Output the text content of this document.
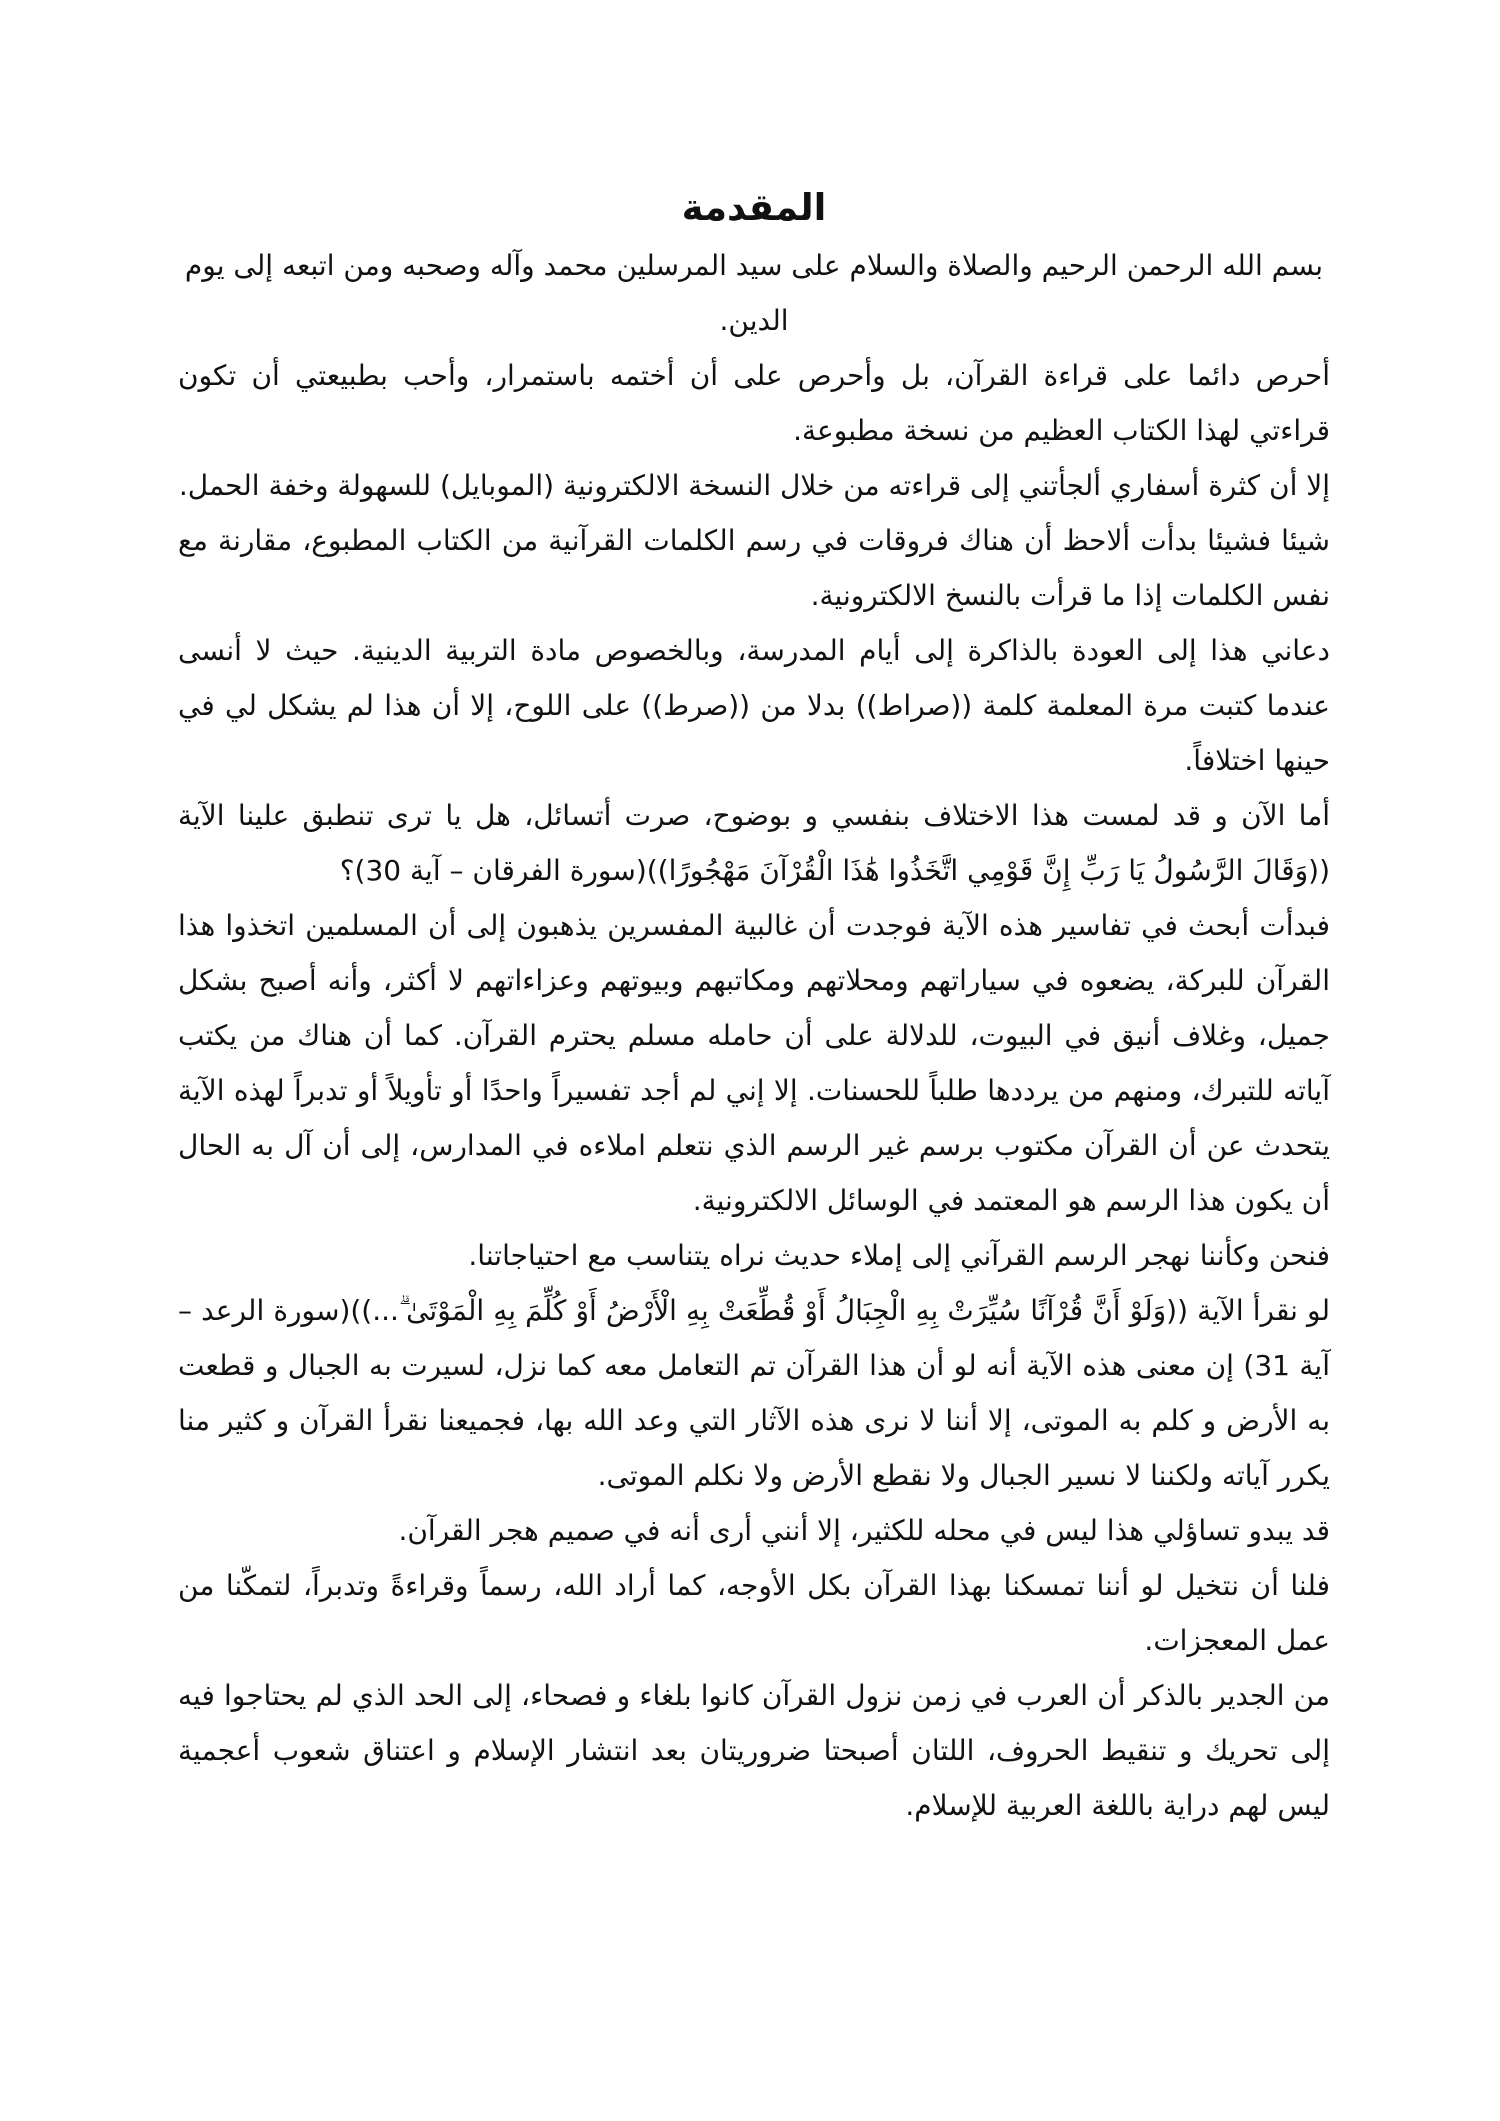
المقدمة

بسم الله الرحمن الرحيم والصلاة والسلام على سيد المرسلين محمد وآله وصحبه ومن اتبعه إلى يوم الدين.

أحرص دائما على قراءة القرآن، بل وأحرص على أن أختمه باستمرار، وأحب بطبيعتي أن تكون قراءتي لهذا الكتاب العظيم من نسخة مطبوعة.

إلا أن كثرة أسفاري ألجأتني إلى قراءته من خلال النسخة الالكترونية (الموبايل) للسهولة وخفة الحمل.

شيئا فشيئا بدأت ألاحظ أن هناك فروقات في رسم الكلمات القرآنية من الكتاب المطبوع، مقارنة مع نفس الكلمات إذا ما قرأت بالنسخ الالكترونية.

دعاني هذا إلى العودة بالذاكرة إلى أيام المدرسة، وبالخصوص مادة التربية الدينية. حيث لا أنسى عندما كتبت مرة المعلمة كلمة ((صراط)) بدلا من ((صرط)) على اللوح، إلا أن هذا لم يشكل لي في حينها اختلافاً.

أما الآن و قد لمست هذا الاختلاف بنفسي و بوضوح، صرت أتسائل، هل يا ترى تنطبق علينا الآية ((وَقَالَ الرَّسُولُ يَا رَبِّ إِنَّ قَوْمِي اتَّخَذُوا هَٰذَا الْقُرْآنَ مَهْجُورًا))(سورة الفرقان – آية 30)؟

فبدأت أبحث في تفاسير هذه الآية فوجدت أن غالبية المفسرين يذهبون إلى أن المسلمين اتخذوا هذا القرآن للبركة، يضعوه في سياراتهم ومحلاتهم ومكاتبهم وبيوتهم وعزاءاتهم لا أكثر، وأنه أصبح بشكل جميل، وغلاف أنيق في البيوت، للدلالة على أن حامله مسلم يحترم القرآن. كما أن هناك من يكتب آياته للتبرك، ومنهم من يرددها طلباً للحسنات. إلا إني لم أجد تفسيراً واحدًا أو تأويلاً أو تدبراً لهذه الآية يتحدث عن أن القرآن مكتوب برسم غير الرسم الذي نتعلم املاءه في المدارس، إلى أن آل به الحال أن يكون هذا الرسم هو المعتمد في الوسائل الالكترونية.

فنحن وكأننا نهجر الرسم القرآني إلى إملاء حديث نراه يتناسب مع احتياجاتنا.

لو نقرأ الآية ((وَلَوْ أَنَّ قُرْآنًا سُيِّرَتْ بِهِ الْجِبَالُ أَوْ قُطِّعَتْ بِهِ الْأَرْضُ أَوْ كُلِّمَ بِهِ الْمَوْتَىٰ ۗ...))(سورة الرعد – آية 31) إن معنى هذه الآية أنه لو أن هذا القرآن تم التعامل معه كما نزل، لسيرت به الجبال و قطعت به الأرض و كلم به الموتى، إلا أننا لا نرى هذه الآثار التي وعد الله بها، فجميعنا نقرأ القرآن و كثير منا يكرر آياته ولكننا لا نسير الجبال ولا نقطع الأرض ولا نكلم الموتى.

قد يبدو تساؤلي هذا ليس في محله للكثير، إلا أنني أرى أنه في صميم هجر القرآن.

فلنا أن نتخيل لو أننا تمسكنا بهذا القرآن بكل الأوجه، كما أراد الله، رسماً وقراءةً وتدبراً، لتمكّنا من عمل المعجزات.

من الجدير بالذكر أن العرب في زمن نزول القرآن كانوا بلغاء و فصحاء، إلى الحد الذي لم يحتاجوا فيه إلى تحريك و تنقيط الحروف، اللتان أصبحتا ضروريتان بعد انتشار الإسلام و اعتناق شعوب أعجمية ليس لهم دراية باللغة العربية للإسلام.
